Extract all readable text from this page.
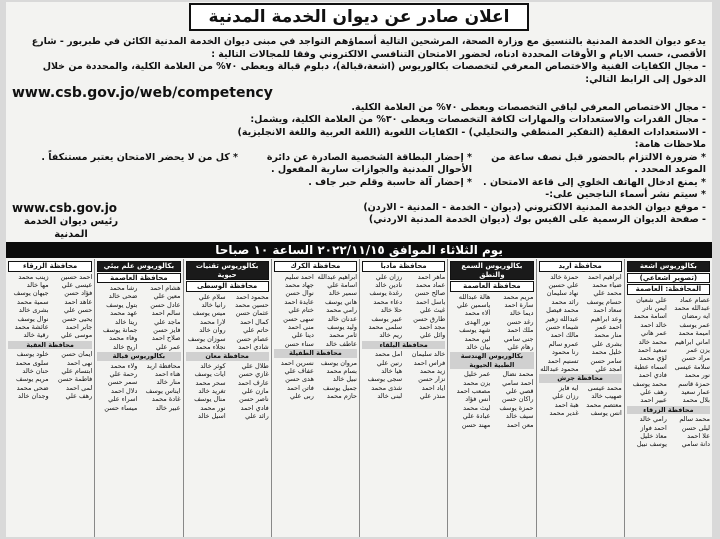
اعلان صادر عن ديوان الخدمة المدنية

يدعو ديوان الخدمة المدنية بالتنسيق مع وزارة الصحة، المرشحين التالية أسماؤهم التواجد في مبنى ديوان الخدمة المدنية الكائن في طبربور - شارع الأقصى، حسب الايام و الأوقات المحددة ادناه، لحضور الامتحان التنافسي الالكتروني وفقا للمجالات التالية :

- مجال الكفايات الفنية والاختصاص المعرفي لتخصصات بكالوريوس (اشعة،قبالة)، دبلوم قبالة ويعطى ٧٠% من العلامة الكلية، والمحددة من خلال الدخول إلى الرابط التالي:

www.csb.gov.jo/web/competency
- مجال الاختصاص المعرفي لباقي التخصصات ويعطى ٧٠% من العلامة الكلية.
- مجال القدرات والاستعدادات والمهارات لكافة التخصصات ويعطى ٣٠% من العلامة الكلية، ويشمل:
- الاستعدادات العقلية (التفكير المنطقي والتحليلي) - الكفايات اللغوية (اللغة العربية واللغة الانجليزية)

ملاحظات هامة:

* ضرورة الالتزام بالحضور قبل نصف ساعة من الموعد المحدد .
* يمنع ادخال الهاتف الخلوي إلى قاعة الامتحان .
* إحضار البطاقة الشخصية الصادرة عن دائرة الأحوال المدنية والجوازات سارية المفعول .
* إحضار آلة حاسبة وقلم حبر جاف .
* كل من لا يحضر الامتحان يعتبر مستنكفاً .
* سيتم نشر أسماء الناجحين على:-
- موقع ديوان الخدمة المدنية الالكتروني (ديوان - الخدمة - المدنية - الاردن)
- صفحة الديوان الرسمية على الفيس بوك (ديوان الخدمة المدنية الاردني)
www.csb.gov.jo
رئيس ديوان الخدمة المدنية
يوم الثلاثاء الموافق ٢٠٢٢/١١/١٥ الساعة ١٠ صباحا
بكالوريوس اشعة
(تصوير اشعاعي)
المحافظة: العاصمة
عصام عماد
علي شعبان
عبدالله محمد
ايمن نادر
ايه رمضان
اسامة محمد
عمر يوسف
خالد احمد
اميمة محمد
عمر هاني
اماني ابراهيم
محمد خالد
يزن عمر
سعيد احمد
مراد حسن
لؤي محمد
سلامة عيسى
اسماء عطية
نور محمد
فادي احمد
حمزة قاسم
محمد يوسف
عمار سعيد
رهف علي
بلال محمد
عبير احمد
محافظة الزرقاء
محمد سالم
رامي خالد
ليلى حسن
احمد فواز
علا احمد
معاذ خليل
دانة سامي
يوسف نبيل
محافظة اربد
ابراهيم احمد
حمزة خالد
ضياء محمد
علي حسين
محمد علي
نهاد سليمان
حسام يوسف
رائد محمد
سعاد احمد
محمد فيصل
وعد ابراهيم
عبدالله زهير
احمد عمر
شيماء حسن
منار محمد
مالك احمد
بشرى علي
عمرو سالم
خليل محمد
رنا محمود
سامر حسن
تسنيم احمد
امجد علي
محمود عبدالله
محافظة جرش
محمد عيسى
ايه فايز
صهيب خالد
رزان علي
معتصم محمد
هبة احمد
انس يوسف
غدير محمد
بكالوريوس السمع والنطق
محافظة العاصمة
مريم محمد
هالة عبدالله
سارة احمد
ياسمين علي
ديما خالد
آلاء محمد
رغد حسن
نور الهدى
ملك احمد
شهد يوسف
جنى سامي
لين محمد
رهام علي
بيان خالد
بكالوريوس الهندسة الطبية الحيوية
محمد نضال
عمر خليل
أحمد سامي
يزن محمد
قصي علي
مصعب احمد
راكان حسن
أنس فؤاد
حمزة يوسف
ليث محمد
سيف خالد
عبادة علي
معن احمد
مهند حسن
محافظة مادبا
ماهر احمد
رزان علي
عماد محمد
نادين خالد
صالح حسن
رغدة يوسف
باسل احمد
دعاء محمد
غيث علي
حلا خالد
طارق حسن
عبير يوسف
مجد احمد
سلمى محمد
وائل علي
ريم خالد
محافظة البلقاء
خالد سليمان
امل محمد
فراس احمد
رنين علي
زيد محمد
هيا خالد
نزار حسن
سجى يوسف
اياد احمد
شذى محمد
منذر علي
لبنى خالد
محافظة الكرك
ابراهيم عبدالله
احمد سليم
اسامة علي
جهاد محمد
سمير خالد
نوال حسن
هاني يوسف
عايدة احمد
رامي محمد
ختام علي
عدنان خالد
سهى حسن
وليد يوسف
منى احمد
ثامر محمد
دينا علي
عاطف خالد
سناء حسن
محافظة الطفيلة
مروان يوسف
نسرين احمد
بسام محمد
عفاف علي
نبيل خالد
هدى حسن
جميل يوسف
فاتن احمد
حازم محمد
ربى علي
بكالوريوس تقنيات حيوية
محافظة الوسطى
محمود احمد
سلام علي
حسين محمد
رانيا خالد
عثمان حسن
ميس يوسف
كمال احمد
لارا محمد
حاتم علي
روان خالد
عصام حسن
سوزان يوسف
شادي احمد
نجلاء محمد
محافظة معان
طلال علي
كوثر خالد
غازي حسن
ايات يوسف
عارف احمد
سحر محمد
مازن علي
تغريد خالد
ناصر حسن
منال يوسف
فادي احمد
نور محمد
رائد علي
اسيل خالد
بكالوريوس علم بيئي
محافظة العاصمة
هشام احمد
رشا محمد
معين علي
ضحى خالد
عادل حسن
بتول يوسف
سالم احمد
عهد محمد
ماجد علي
ريتا خالد
فايز حسن
جمانة يوسف
صلاح احمد
وفاء محمد
عمر علي
اريج خالد
بكالوريوس قبالة
محافظة اربد
ولاء محمد
هناء احمد
رحمة علي
منار خالد
سمر حسن
ايناس يوسف
دلال احمد
غادة محمد
اسراء علي
عبير خالد
ميساء حسن
محافظة الزرقاء
احمد حسين
زينب محمد
عيسى علي
مها خالد
فؤاد حسن
جيهان يوسف
عاهد احمد
سمية محمد
حسن علي
بشرى خالد
يحيى حسن
نوال يوسف
جابر احمد
عائشة محمد
موسى علي
رقية خالد
محافظة العقبة
ايمان حسن
خلود يوسف
نهى احمد
سلوى محمد
ابتسام علي
حنان خالد
فاطمة حسن
مريم يوسف
لمى احمد
ضحى محمد
رهف علي
وجدان خالد
